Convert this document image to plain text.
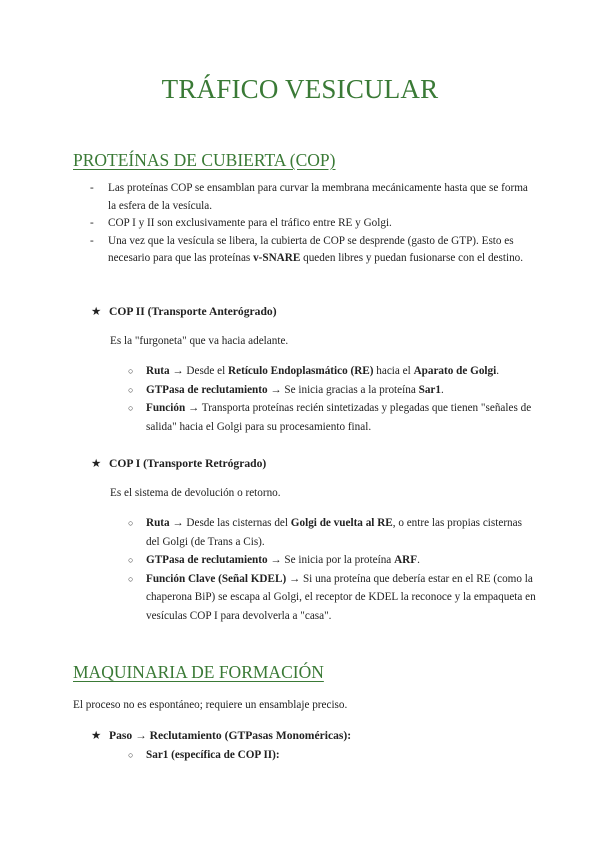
TRÁFICO VESICULAR
PROTEÍNAS DE CUBIERTA (COP)
- Las proteínas COP se ensamblan para curvar la membrana mecánicamente hasta que se forma la esfera de la vesícula.
- COP I y II son exclusivamente para el tráfico entre RE y Golgi.
- Una vez que la vesícula se libera, la cubierta de COP se desprende (gasto de GTP). Esto es necesario para que las proteínas v-SNARE queden libres y puedan fusionarse con el destino.
★ COP II (Transporte Anterógrado)
Es la "furgoneta" que va hacia adelante.
○ Ruta → Desde el Retículo Endoplasmático (RE) hacia el Aparato de Golgi.
○ GTPasa de reclutamiento → Se inicia gracias a la proteína Sar1.
○ Función → Transporta proteínas recién sintetizadas y plegadas que tienen "señales de salida" hacia el Golgi para su procesamiento final.
★ COP I (Transporte Retrógrado)
Es el sistema de devolución o retorno.
○ Ruta → Desde las cisternas del Golgi de vuelta al RE, o entre las propias cisternas del Golgi (de Trans a Cis).
○ GTPasa de reclutamiento → Se inicia por la proteína ARF.
○ Función Clave (Señal KDEL) → Si una proteína que debería estar en el RE (como la chaperona BiP) se escapa al Golgi, el receptor de KDEL la reconoce y la empaqueta en vesículas COP I para devolverla a "casa".
MAQUINARIA DE FORMACIÓN
El proceso no es espontáneo; requiere un ensamblaje preciso.
★ Paso → Reclutamiento (GTPasas Monoméricas):
○ Sar1 (específica de COP II):
